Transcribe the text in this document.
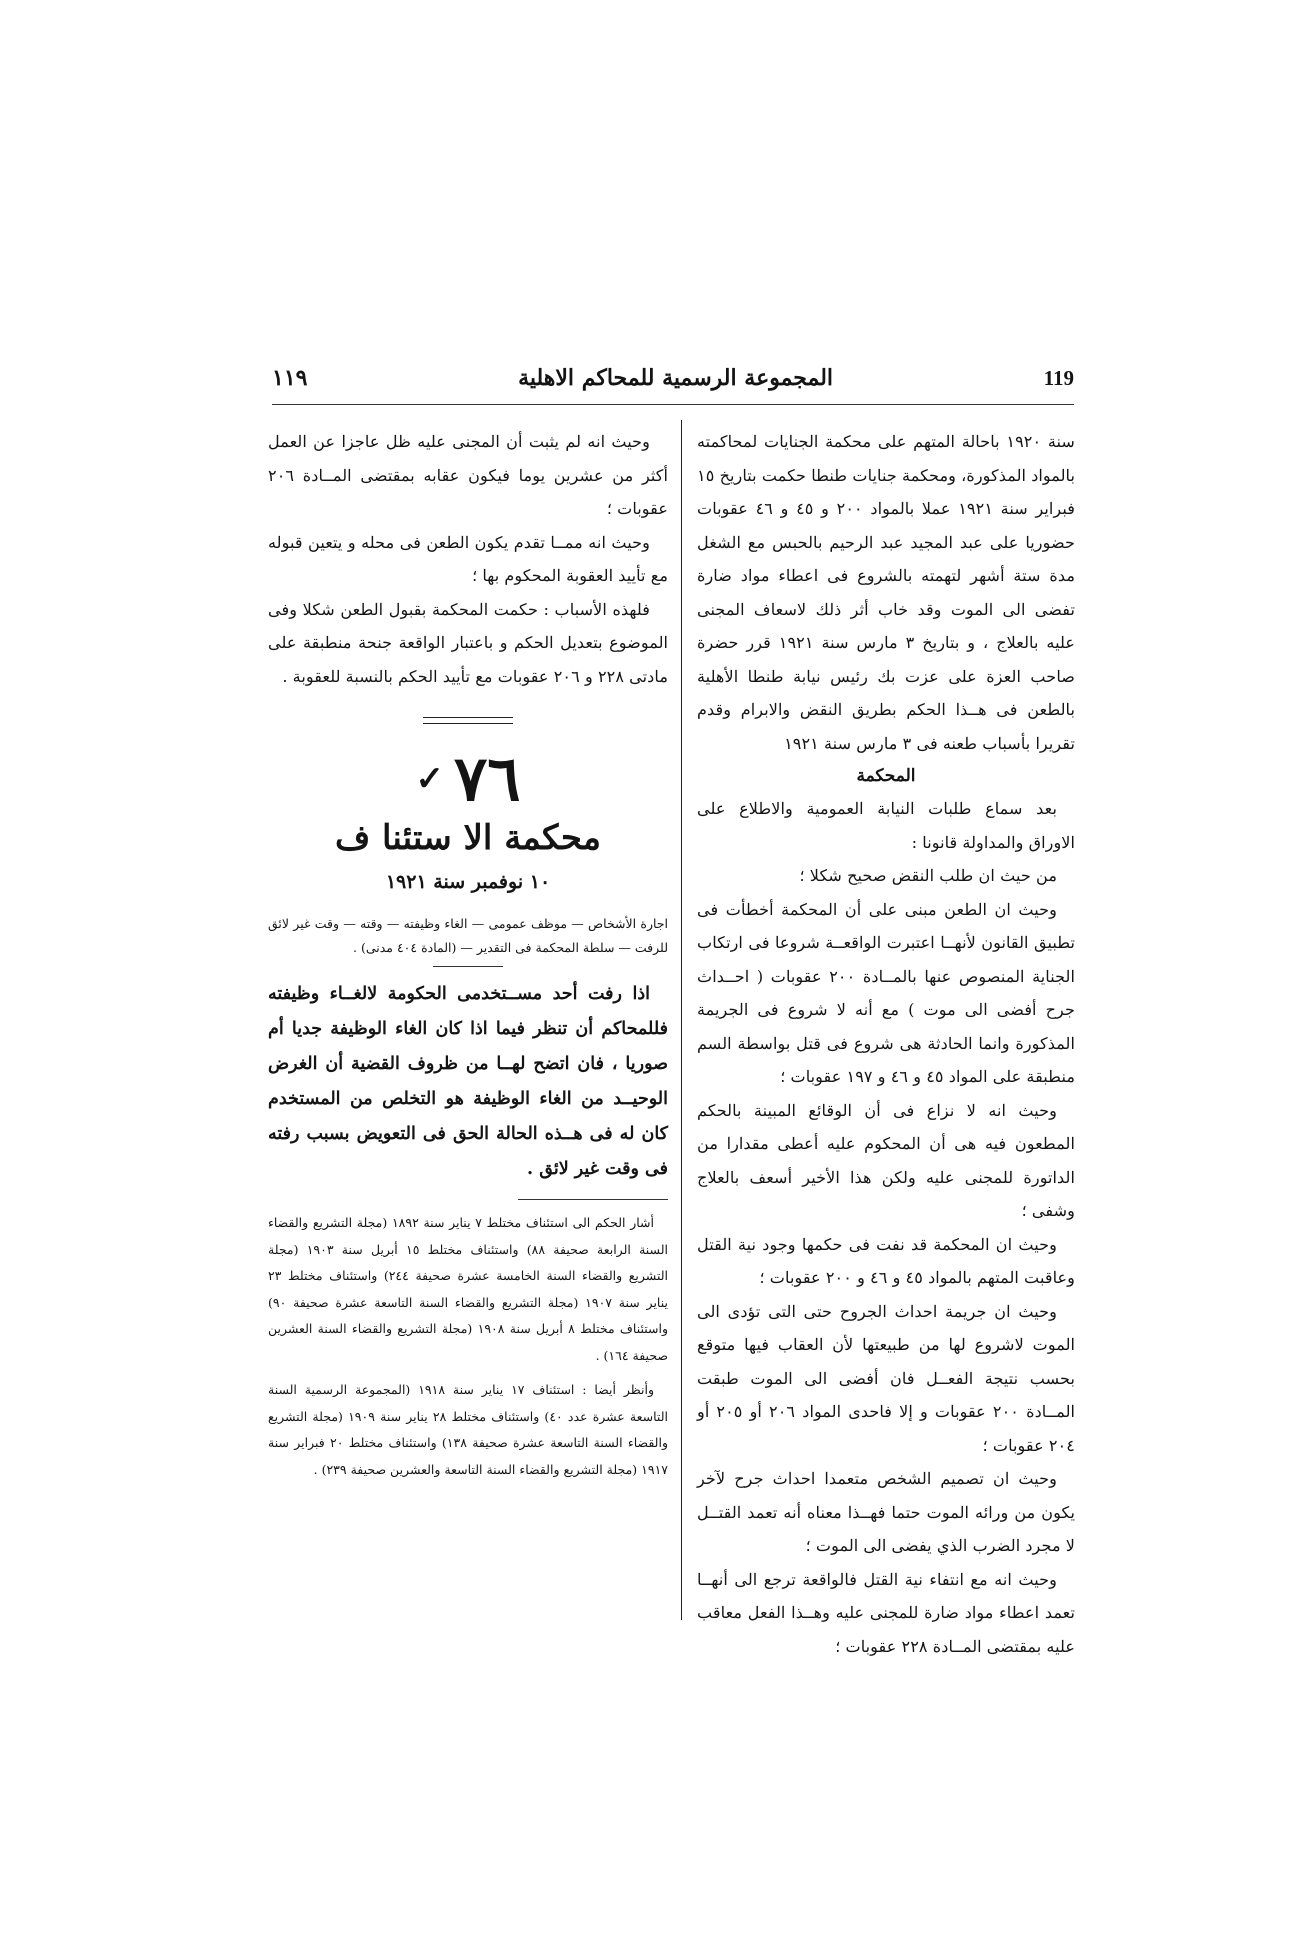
١١٩	المجموعة الرسمية للمحاكم الاهلية	119

سنة ١٩٢٠ باحالة المتهم على محكمة الجنايات لمحاكمته بالمواد المذكورة، ومحكمة جنايات طنطا حكمت بتاريخ ١٥ فبراير سنة ١٩٢١ عملا بالمواد ٢٠٠ و ٤٥ و ٤٦ عقوبات حضوريا على عبد المجيد عبد الرحيم بالحبس مع الشغل مدة ستة أشهر لتهمته بالشروع فى اعطاء مواد ضارة تفضى الى الموت وقد خاب أثر ذلك لاسعاف المجنى عليه بالعلاج ، و بتاريخ ٣ مارس سنة ١٩٢١ قرر حضرة صاحب العزة على عزت بك رئيس نيابة طنطا الأهلية بالطعن فى هــذا الحكم بطريق النقض والابرام وقدم تقريرا بأسباب طعنه فى ٣ مارس سنة ١٩٢١

المحكمة

بعد سماع طلبات النيابة العمومية والاطلاع على الاوراق والمداولة قانونا :

من حيث ان طلب النقض صحيح شكلا ؛

وحيث ان الطعن مبنى على أن المحكمة أخطأت فى تطبيق القانون لأنهــا اعتبرت الواقعــة شروعا فى ارتكاب الجناية المنصوص عنها بالمــادة ٢٠٠ عقوبات ( احــداث جرح أفضى الى موت ) مع أنه لا شروع فى الجريمة المذكورة وانما الحادثة هى شروع فى قتل بواسطة السم منطبقة على المواد ٤٥ و ٤٦ و ١٩٧ عقوبات ؛

وحيث انه لا نزاع فى أن الوقائع المبينة بالحكم المطعون فيه هى أن المحكوم عليه أعطى مقدارا من الداتورة للمجنى عليه ولكن هذا الأخير أسعف بالعلاج وشفى ؛

وحيث ان المحكمة قد نفت فى حكمها وجود نية القتل وعاقبت المتهم بالمواد ٤٥ و ٤٦ و ٢٠٠ عقوبات ؛

وحيث ان جريمة احداث الجروح حتى التى تؤدى الى الموت لاشروع لها من طبيعتها لأن العقاب فيها متوقع بحسب نتيجة الفعــل فان أفضى الى الموت طبقت المــادة ٢٠٠ عقوبات و إلا فاحدى المواد ٢٠٦ أو ٢٠٥ أو ٢٠٤ عقوبات ؛

وحيث ان تصميم الشخص متعمدا احداث جرح لآخر يكون من ورائه الموت حتما فهــذا معناه أنه تعمد القتــل لا مجرد الضرب الذي يفضى الى الموت ؛

وحيث انه مع انتفاء نية القتل فالواقعة ترجع الى أنهــا تعمد اعطاء مواد ضارة للمجنى عليه وهــذا الفعل معاقب عليه بمقتضى المــادة ٢٢٨ عقوبات ؛

وحيث انه لم يثبت أن المجنى عليه ظل عاجزا عن العمل أكثر من عشرين يوما فيكون عقابه بمقتضى المــادة ٢٠٦ عقوبات ؛

وحيث انه ممــا تقدم يكون الطعن فى محله و يتعين قبوله مع تأييد العقوبة المحكوم بها ؛

فلهذه الأسباب : حكمت المحكمة بقبول الطعن شكلا وفى الموضوع بتعديل الحكم و باعتبار الواقعة جنحة منطبقة على مادتى ٢٢٨ و ٢٠٦ عقوبات مع تأييد الحكم بالنسبة للعقوبة .

٧٦✓

محكمة الا ستئنا ف

١٠ نوفمبر سنة ١٩٢١

اجارة الأشخاص — موظف عمومى — الغاء وظيفته — وقته — وقت غير لائق للرفت — سلطة المحكمة فى التقدير — (المادة ٤٠٤ مدنى) .

اذا رفت أحد مســتخدمى الحكومة لالغــاء وظيفته فللمحاكم أن تنظر فيما اذا كان الغاء الوظيفة جديا أم صوريا ، فان اتضح لهــا من ظروف القضية أن الغرض الوحيــد من الغاء الوظيفة هو التخلص من المستخدم كان له فى هــذه الحالة الحق فى التعويض بسبب رفته فى وقت غير لائق .

أشار الحكم الى استئناف مختلط ٧ يناير سنة ١٨٩٢ (مجلة التشريع والقضاء السنة الرابعة صحيفة ٨٨) واستئناف مختلط ١٥ أبريل سنة ١٩٠٣ (مجلة التشريع والقضاء السنة الخامسة عشرة صحيفة ٢٤٤) واستئناف مختلط ٢٣ يناير سنة ١٩٠٧ (مجلة التشريع والقضاء السنة التاسعة عشرة صحيفة ٩٠) واستئناف مختلط ٨ أبريل سنة ١٩٠٨ (مجلة التشريع والقضاء السنة العشرين صحيفة ١٦٤) .

وأنظر أيضا : استئناف ١٧ يناير سنة ١٩١٨ (المجموعة الرسمية السنة التاسعة عشرة عدد ٤٠) واستئناف مختلط ٢٨ يناير سنة ١٩٠٩ (مجلة التشريع والقضاء السنة التاسعة عشرة صحيفة ١٣٨) واستئناف مختلط ٢٠ فبراير سنة ١٩١٧ (مجلة التشريع والقضاء السنة التاسعة والعشرين صحيفة ٢٣٩) .
